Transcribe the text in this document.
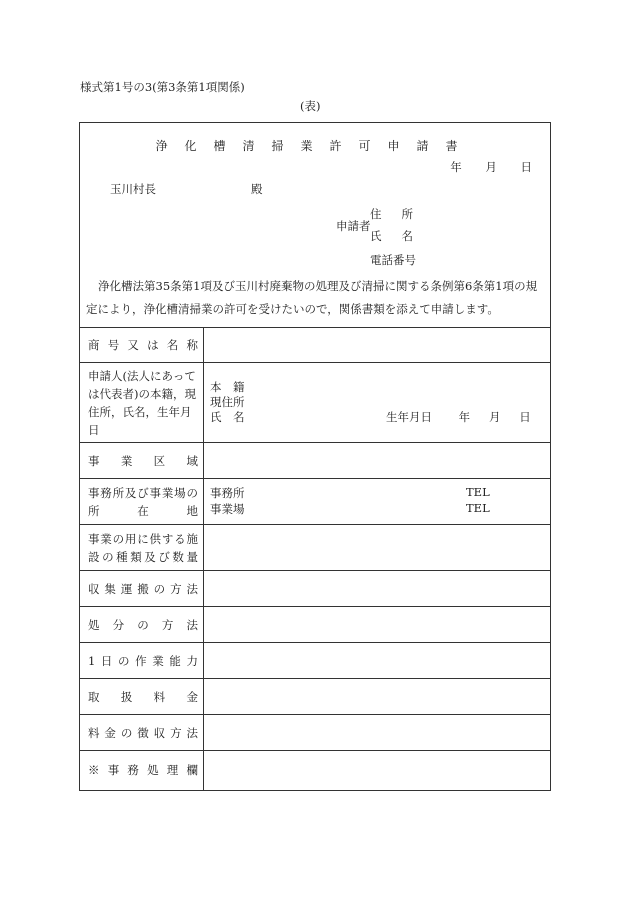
様式第1号の3(第3条第1項関係)
(表)
浄化槽清掃業許可申請書
年 月 日
玉川村長	殿
申請者
住所
氏名
電話番号

浄化槽法第35条第1項及び玉川村廃棄物の処理及び清掃に関する条例第6条第1項の規定により，浄化槽清掃業の許可を受けたいので，関係書類を添えて申請します。

商号又は名称
申請人(法人にあっては代表者)の本籍，現住所，氏名，生年月日
本　籍
現住所
氏　名	生年月日　　 年 　 月 　 日
事業区域
事務所及び事業場の所在地
事務所
事業場
TEL
TEL
事業の用に供する施設の種類及び数量
収集運搬の方法
処分の方法
1日の作業能力
取扱料金
料金の徴収方法
※事務処理欄
